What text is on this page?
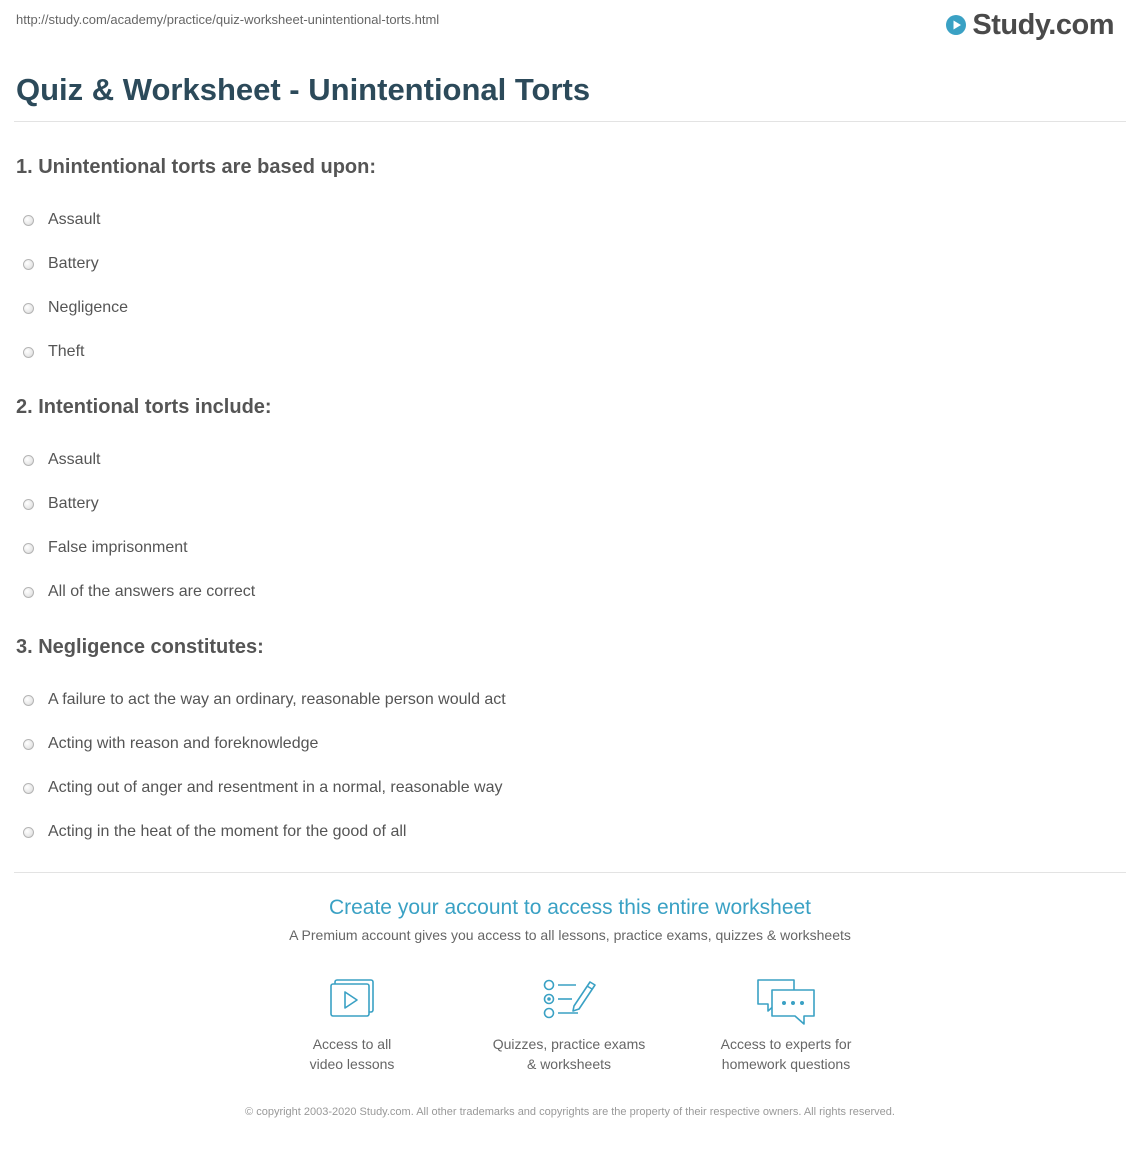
http://study.com/academy/practice/quiz-worksheet-unintentional-torts.html	Study.com
Quiz & Worksheet - Unintentional Torts
1. Unintentional torts are based upon:
Assault
Battery
Negligence
Theft
2. Intentional torts include:
Assault
Battery
False imprisonment
All of the answers are correct
3. Negligence constitutes:
A failure to act the way an ordinary, reasonable person would act
Acting with reason and foreknowledge
Acting out of anger and resentment in a normal, reasonable way
Acting in the heat of the moment for the good of all
Create your account to access this entire worksheet

A Premium account gives you access to all lessons, practice exams, quizzes & worksheets

Access to all
video lessons
Quizzes, practice exams
& worksheets
Access to experts for
homework questions
© copyright 2003-2020 Study.com. All other trademarks and copyrights are the property of their respective owners. All rights reserved.
